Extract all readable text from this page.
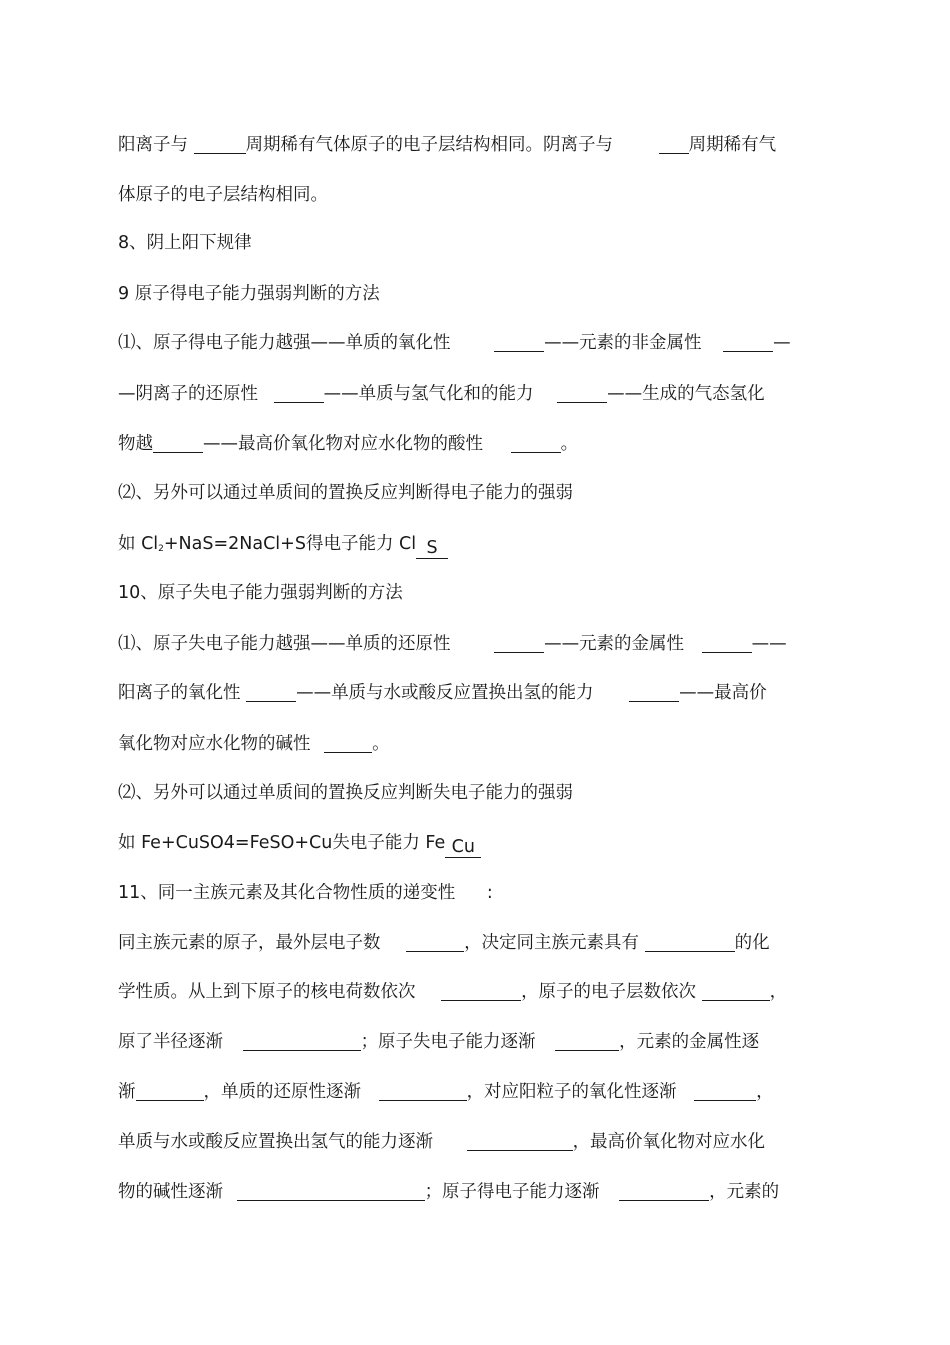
阳离子与	周期稀有气体原子的电子层结构相同。阴离子与	周期稀有气
体原子的电子层结构相同。
8、阴上阳下规律
9 原子得电子能力强弱判断的方法
⑴、原子得电子能力越强——单质的氧化性	——元素的非金属性	—
—阴离子的还原性	——单质与氢气化和的能力	——生成的气态氢化
物越	——最高价氧化物对应水化物的酸性	。
⑵、另外可以通过单质间的置换反应判断得电子能力的强弱
如 $Cl_2+NaS=2NaCl+S$得电子能力 Cl S
10、原子失电子能力强弱判断的方法
⑴、原子失电子能力越强——单质的还原性	——元素的金属性	——
阳离子的氧化性	——单质与水或酸反应置换出氢的能力	——最高价
氧化物对应水化物的碱性	。
⑵、另外可以通过单质间的置换反应判断失电子能力的强弱
如 Fe+CuSO4=FeSO+Cu失电子能力 Fe Cu
11、同一主族元素及其化合物性质的递变性 :
同主族元素的原子，最外层电子数	，决定同主族元素具有	的化
学性质。从上到下原子的核电荷数依次	，原子的电子层数依次	，
原了半径逐渐	；原子失电子能力逐渐	，元素的金属性逐
渐	，单质的还原性逐渐	，对应阳粒子的氧化性逐渐	，
单质与水或酸反应置换出氢气的能力逐渐	，最高价氧化物对应水化
物的碱性逐渐	；原子得电子能力逐渐	，元素的
